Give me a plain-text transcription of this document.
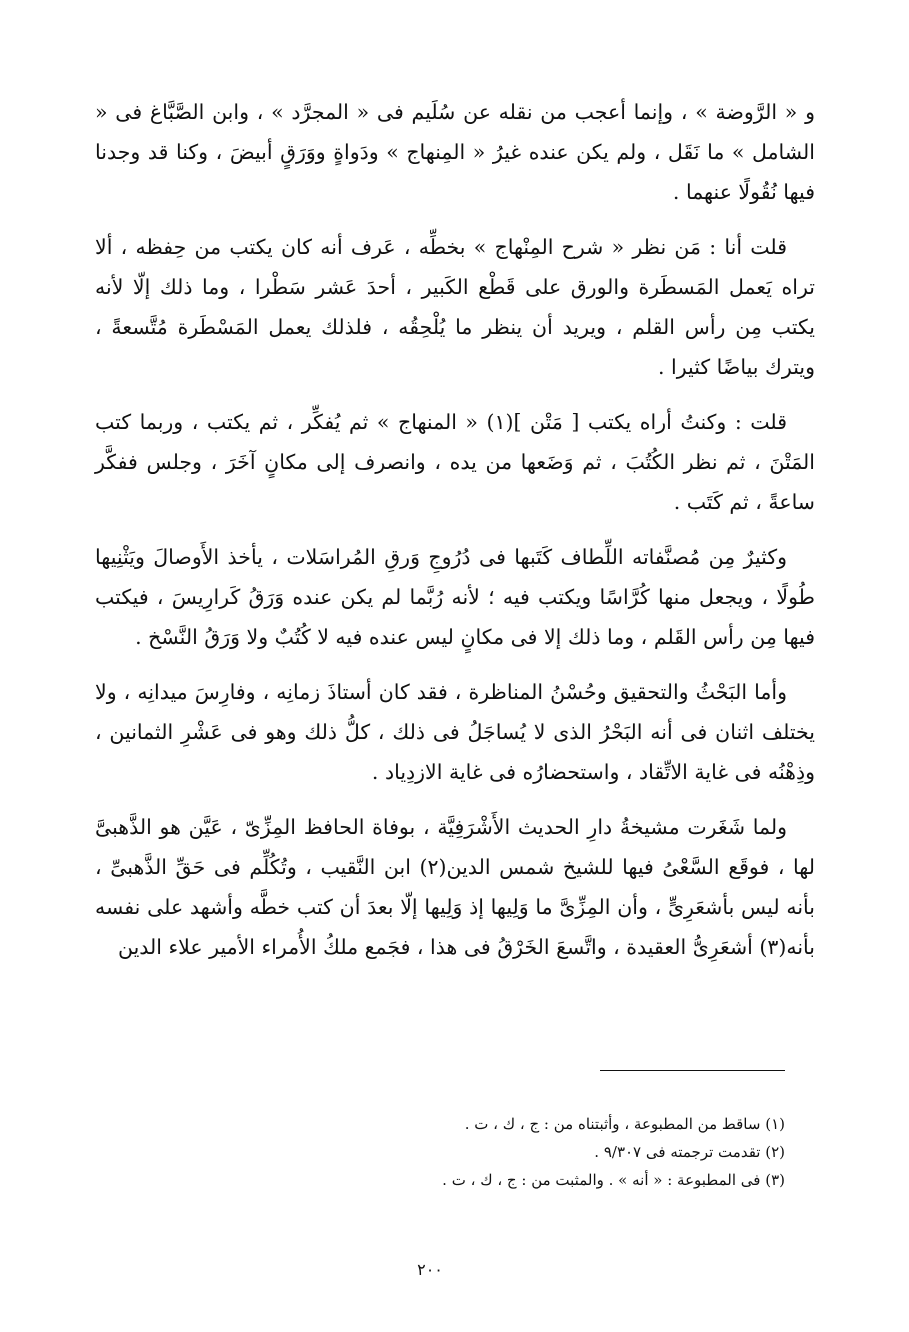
و « الرَّوضة » ، وإنما أعجب من نقله عن سُلَيم فى « المجرَّد » ، وابن الصَّبَّاغ فى « الشامل » ما نَقَل ، ولم يكن عنده غيرُ « المِنهاج » ودَواةٍ ووَرَقٍ أبيضَ ، وكنا قد وجدنا فيها نُقُولًا عنهما .

قلت أنا : مَن نظر « شرح المِنْهاج » بخطِّه ، عَرف أنه كان يكتب من حِفظه ، ألا تراه يَعمل المَسطَرة والورق على قَطْع الكَبير ، أحدَ عَشر سَطْرا ، وما ذلك إلّا لأنه يكتب مِن رأس القلم ، ويريد أن ينظر ما يُلْحِقُه ، فلذلك يعمل المَسْطَرة مُتَّسعةً ، ويترك بياضًا كثيرا .

قلت : وكنتُ أراه يكتب [ مَتْن ](١) « المنهاج » ثم يُفكِّر ، ثم يكتب ، وربما كتب المَتْنَ ، ثم نظر الكُتُبَ ، ثم وَضَعها من يده ، وانصرف إلى مكانٍ آخَرَ ، وجلس ففكَّر ساعةً ، ثم كَتَب .

وكثيرٌ مِن مُصنَّفاته اللِّطاف كَتَبها فى دُرُوجِ وَرقِ المُراسَلات ، يأخذ الأَوصالَ ويَثْنِيها طُولًا ، ويجعل منها كُرَّاسًا ويكتب فيه ؛ لأنه رُبَّما لم يكن عنده وَرَقُ كَرارِيسَ ، فيكتب فيها مِن رأس القَلم ، وما ذلك إلا فى مكانٍ ليس عنده فيه لا كُتُبٌ ولا وَرَقُ النَّسْخ .

وأما البَحْثُ والتحقيق وحُسْنُ المناظرة ، فقد كان أستاذَ زمانِه ، وفارِسَ ميدانِه ، ولا يختلف اثنان فى أنه البَحْرُ الذى لا يُساجَلُ فى ذلك ، كلُّ ذلك وهو فى عَشْرِ الثمانين ، وذِهْنُه فى غاية الاتِّقاد ، واستحضارُه فى غاية الازدِياد .

ولما شَغَرت مشيخةُ دارِ الحديث الأَشْرَفِيَّة ، بوفاة الحافظ المِزِّىّ ، عَيَّن هو الذَّهبىَّ لها ، فوقَع السَّعْىُ فيها للشيخ شمس الدين(٢) ابن النَّقيب ، وتُكُلِّم فى حَقِّ الذَّهبىِّ ، بأنه ليس بأشعَرِىٍّ ، وأن المِزِّىَّ ما وَلِيها إذ وَلِيها إلّا بعدَ أن كتب خطَّه وأشهد على نفسه بأنه(٣) أشعَرِىُّ العقيدة ، واتَّسعَ الخَرْقُ فى هذا ، فجَمع ملكُ الأُمراء الأمير علاء الدين

(١) ساقط من المطبوعة ، وأثبتناه من : ج ، ك ، ت .

(٢) تقدمت ترجمته فى ٩/٣٠٧ .

(٣) فى المطبوعة : « أنه » . والمثبت من : ج ، ك ، ت .

٢٠٠
